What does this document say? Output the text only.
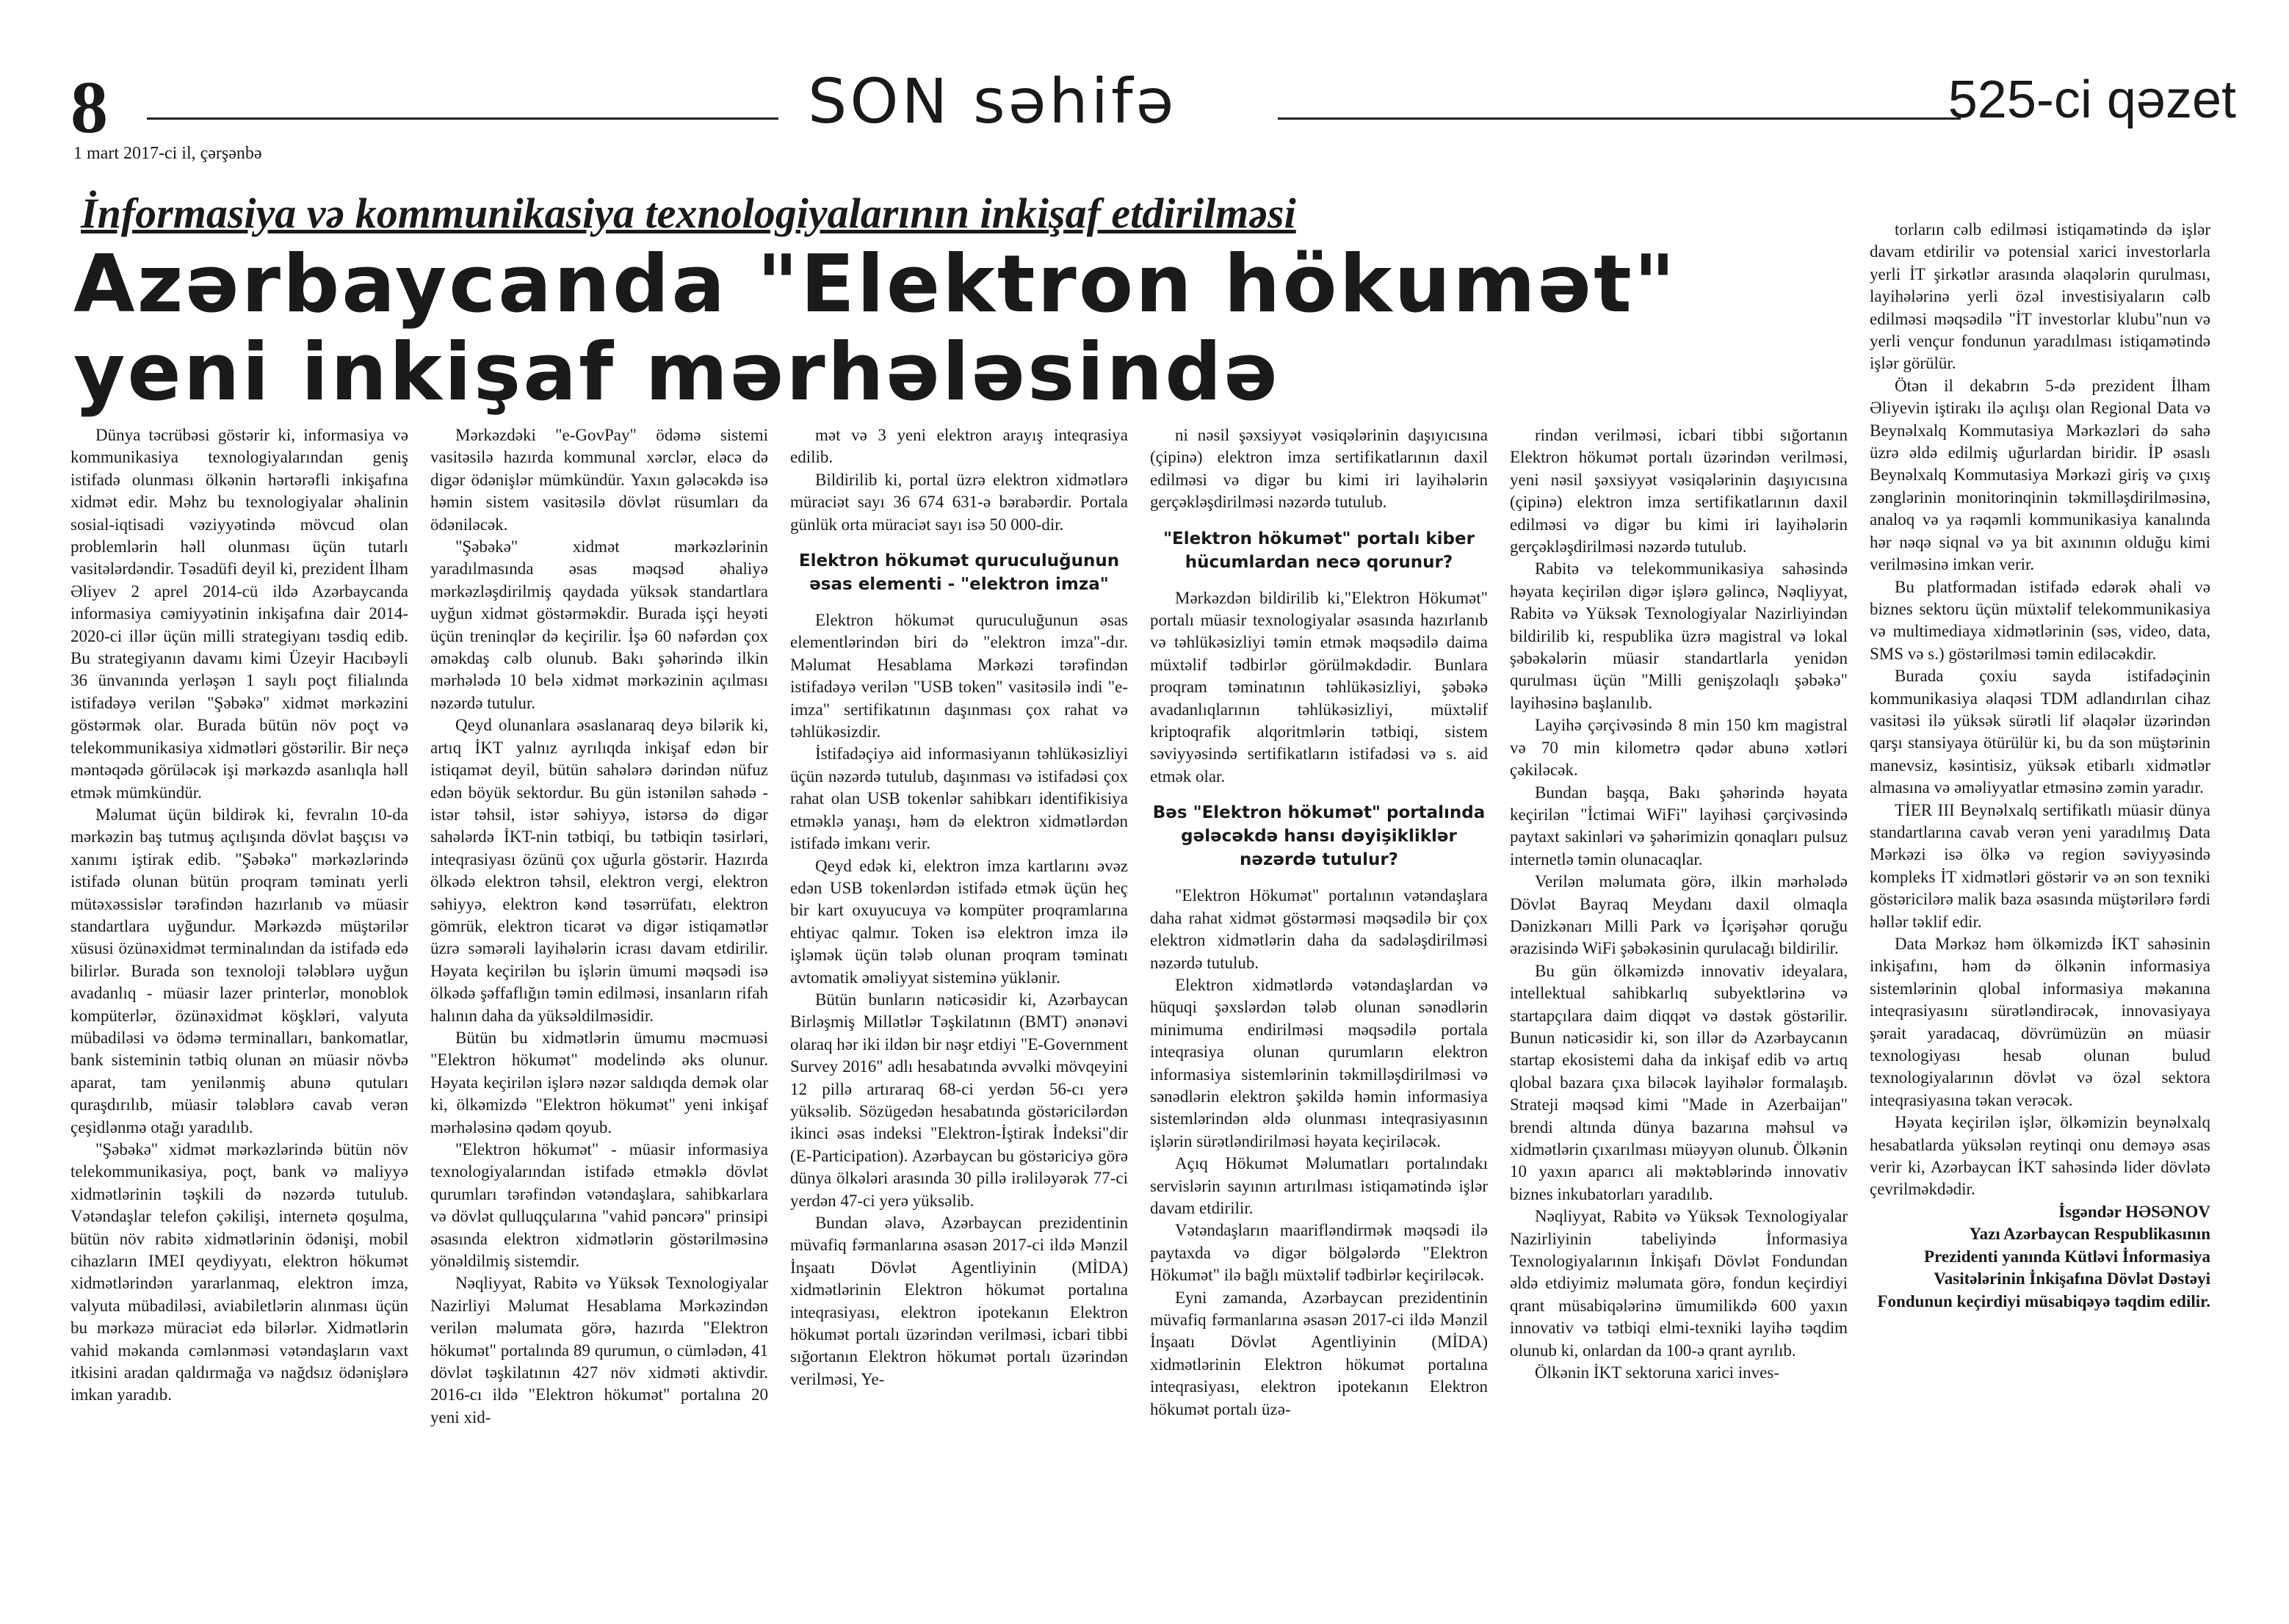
8
1 mart 2017-ci il, çərşənbə
SON səhifə	525-ci qəzet
İnformasiya və kommunikasiya texnologiyalarının inkişaf etdirilməsi
Azərbaycanda "Elektron hökumət"
yeni inkişaf mərhələsində

Dünya təcrübəsi göstərir ki, informasiya və kommunikasiya texnologiyalarından geniş istifadə olunması ölkənin hərtərəfli inkişafına xidmət edir. Məhz bu texnologiyalar əhalinin sosial-iqtisadi vəziyyətində mövcud olan problemlərin həll olunması üçün tutarlı vasitələrdəndir. Təsadüfi deyil ki, prezident İlham Əliyev 2 aprel 2014-cü ildə Azərbaycanda informasiya cəmiyyətinin inkişafına dair 2014-2020-ci illər üçün milli strategiyanı təsdiq edib. Bu strategiyanın davamı kimi Üzeyir Hacıbəyli 36 ünvanında yerləşən 1 saylı poçt filialında istifadəyə verilən "Şəbəkə" xidmət mərkəzini göstərmək olar. Burada bütün növ poçt və telekommunikasiya xidmətləri göstərilir. Bir neçə məntəqədə görüləcək işi mərkəzdə asanlıqla həll etmək mümkündür.

Məlumat üçün bildirək ki, fevralın 10-da mərkəzin baş tutmuş açılışında dövlət başçısı və xanımı iştirak edib. "Şəbəkə" mərkəzlərində istifadə olunan bütün proqram təminatı yerli mütəxəssislər tərəfindən hazırlanıb və müasir standartlara uyğundur. Mərkəzdə müştərilər xüsusi özünəxidmət terminalından da istifadə edə bilirlər. Burada son texnoloji tələblərə uyğun avadanlıq - müasir lazer printerlər, monoblok kompüterlər, özünəxidmət köşkləri, valyuta mübadiləsi və ödəmə terminalları, bankomatlar, bank sisteminin tətbiq olunan ən müasir növbə aparat, tam yenilənmiş abunə qutuları quraşdırılıb, müasir tələblərə cavab verən çeşidlənmə otağı yaradılıb.

"Şəbəkə" xidmət mərkəzlərində bütün növ telekommunikasiya, poçt, bank və maliyyə xidmətlərinin təşkili də nəzərdə tutulub. Vətəndaşlar telefon çəkilişi, internetə qoşulma, bütün növ rabitə xidmətlərinin ödənişi, mobil cihazların IMEI qeydiyyatı, elektron hökumət xidmətlərindən yararlanmaq, elektron imza, valyuta mübadiləsi, aviabiletlərin alınması üçün bu mərkəzə müraciət edə bilərlər. Xidmətlərin vahid məkanda cəmlənməsi vətəndaşların vaxt itkisini aradan qaldırmağa və nağdsız ödənişlərə imkan yaradıb.

Mərkəzdəki "e-GovPay" ödəmə sistemi vasitəsilə hazırda kommunal xərclər, eləcə də digər ödənişlər mümkündür. Yaxın gələcəkdə isə həmin sistem vasitəsilə dövlət rüsumları da ödəniləcək.

"Şəbəkə" xidmət mərkəzlərinin yaradılmasında əsas məqsəd əhaliyə mərkəzləşdirilmiş qaydada yüksək standartlara uyğun xidmət göstərməkdir. Burada işçi heyəti üçün treninqlər də keçirilir. İşə 60 nəfərdən çox əməkdaş cəlb olunub. Bakı şəhərində ilkin mərhələdə 10 belə xidmət mərkəzinin açılması nəzərdə tutulur.

Qeyd olunanlara əsaslanaraq deyə bilərik ki, artıq İKT yalnız ayrılıqda inkişaf edən bir istiqamət deyil, bütün sahələrə dərindən nüfuz edən böyük sektordur. Bu gün istənilən sahədə - istər təhsil, istər səhiyyə, istərsə də digər sahələrdə İKT-nin tətbiqi, bu tətbiqin təsirləri, inteqrasiyası özünü çox uğurla göstərir. Hazırda ölkədə elektron təhsil, elektron vergi, elektron səhiyyə, elektron kənd təsərrüfatı, elektron gömrük, elektron ticarət və digər istiqamətlər üzrə səmərəli layihələrin icrası davam etdirilir. Həyata keçirilən bu işlərin ümumi məqsədi isə ölkədə şəffaflığın təmin edilməsi, insanların rifah halının daha da yüksəldilməsidir.

Bütün bu xidmətlərin ümumu məcmuəsi "Elektron hökumət" modelində əks olunur. Həyata keçirilən işlərə nəzər saldıqda demək olar ki, ölkəmizdə "Elektron hökumət" yeni inkişaf mərhələsinə qədəm qoyub.

"Elektron hökumət" - müasir informasiya texnologiyalarından istifadə etməklə dövlət qurumları tərəfindən vətəndaşlara, sahibkarlara və dövlət qulluqçularına "vahid pəncərə" prinsipi əsasında elektron xidmətlərin göstərilməsinə yönəldilmiş sistemdir.

Nəqliyyat, Rabitə və Yüksək Texnologiyalar Nazirliyi Məlumat Hesablama Mərkəzindən verilən məlumata görə, hazırda "Elektron hökumət" portalında 89 qurumun, o cümlədən, 41 dövlət təşkilatının 427 növ xidməti aktivdir. 2016-cı ildə "Elektron hökumət" portalına 20 yeni xid-

mət və 3 yeni elektron arayış inteqrasiya edilib.

Bildirilib ki, portal üzrə elektron xidmətlərə müraciət sayı 36 674 631-ə bərabərdir. Portala günlük orta müraciət sayı isə 50 000-dir.

Elektron hökumət quruculuğunun əsas elementi - "elektron imza"

Elektron hökumət quruculuğunun əsas elementlərindən biri də "elektron imza"-dır. Məlumat Hesablama Mərkəzi tərəfindən istifadəyə verilən "USB token" vasitəsilə indi "e-imza" sertifikatının daşınması çox rahat və təhlükəsizdir.

İstifadəçiyə aid informasiyanın təhlükəsizliyi üçün nəzərdə tutulub, daşınması və istifadəsi çox rahat olan USB tokenlər sahibkarı identifikisiya etməklə yanaşı, həm də elektron xidmətlərdən istifadə imkanı verir.

Qeyd edək ki, elektron imza kartlarını əvəz edən USB tokenlərdən istifadə etmək üçün heç bir kart oxuyucuya və kompüter proqramlarına ehtiyac qalmır. Token isə elektron imza ilə işləmək üçün tələb olunan proqram təminatı avtomatik əməliyyat sisteminə yüklənir.

Bütün bunların nəticəsidir ki, Azərbaycan Birləşmiş Millətlər Təşkilatının (BMT) ənənəvi olaraq hər iki ildən bir nəşr etdiyi "E-Government Survey 2016" adlı hesabatında əvvəlki mövqeyini 12 pillə artıraraq 68-ci yerdən 56-cı yerə yüksəlib. Sözügedən hesabatında göstəricilərdən ikinci əsas indeksi "Elektron-İştirak İndeksi"dir (E-Participation). Azərbaycan bu göstəriciyə görə dünya ölkələri arasında 30 pillə irəliləyərək 77-ci yerdən 47-ci yerə yüksəlib.

Bundan əlavə, Azərbaycan prezidentinin müvafiq fərmanlarına əsasən 2017-ci ildə Mənzil İnşaatı Dövlət Agentliyinin (MİDA) xidmətlərinin Elektron hökumət portalına inteqrasiyası, elektron ipotekanın Elektron hökumət portalı üzərindən verilməsi, icbari tibbi sığortanın Elektron hökumət portalı üzərindən verilməsi, Ye-

ni nəsil şəxsiyyət vəsiqələrinin daşıyıcısına (çipinə) elektron imza sertifikatlarının daxil edilməsi və digər bu kimi iri layihələrin gerçəkləşdirilməsi nəzərdə tutulub.

"Elektron hökumət" portalı kiber hücumlardan necə qorunur?

Mərkəzdən bildirilib ki,"Elektron Hökumət" portalı müasir texnologiyalar əsasında hazırlanıb və təhlükəsizliyi təmin etmək məqsədilə daima müxtəlif tədbirlər görülməkdədir. Bunlara proqram təminatının təhlükəsizliyi, şəbəkə avadanlıqlarının təhlükəsizliyi, müxtəlif kriptoqrafik alqoritmlərin tətbiqi, sistem səviyyəsində sertifikatların istifadəsi və s. aid etmək olar.

Bəs "Elektron hökumət" portalında gələcəkdə hansı dəyişikliklər nəzərdə tutulur?

"Elektron Hökumət" portalının vətəndaşlara daha rahat xidmət göstərməsi məqsədilə bir çox elektron xidmətlərin daha da sadələşdirilməsi nəzərdə tutulub.

Elektron xidmətlərdə vətəndaşlardan və hüquqi şəxslərdən tələb olunan sənədlərin minimuma endirilməsi məqsədilə portala inteqrasiya olunan qurumların elektron informasiya sistemlərinin təkmilləşdirilməsi və sənədlərin elektron şəkildə həmin informasiya sistemlərindən əldə olunması inteqrasiyasının işlərin sürətləndirilməsi həyata keçiriləcək.

Açıq Hökumət Məlumatları portalındakı servislərin sayının artırılması istiqamətində işlər davam etdirilir.

Vətəndaşların maarifləndirmək məqsədi ilə paytaxda və digər bölgələrdə "Elektron Hökumət" ilə bağlı müxtəlif tədbirlər keçiriləcək.

Eyni zamanda, Azərbaycan prezidentinin müvafiq fərmanlarına əsasən 2017-ci ildə Mənzil İnşaatı Dövlət Agentliyinin (MİDA) xidmətlərinin Elektron hökumət portalına inteqrasiyası, elektron ipotekanın Elektron hökumət portalı üzə-

rindən verilməsi, icbari tibbi sığortanın Elektron hökumət portalı üzərindən verilməsi, yeni nəsil şəxsiyyət vəsiqələrinin daşıyıcısına (çipinə) elektron imza sertifikatlarının daxil edilməsi və digər bu kimi iri layihələrin gerçəkləşdirilməsi nəzərdə tutulub.

Rabitə və telekommunikasiya sahəsində həyata keçirilən digər işlərə gəlincə, Nəqliyyat, Rabitə və Yüksək Texnologiyalar Nazirliyindən bildirilib ki, respublika üzrə magistral və lokal şəbəkələrin müasir standartlarla yenidən qurulması üçün "Milli genişzolaqlı şəbəkə" layihəsinə başlanılıb.

Layihə çərçivəsində 8 min 150 km magistral və 70 min kilometrə qədər abunə xətləri çəkiləcək.

Bundan başqa, Bakı şəhərində həyata keçirilən "İctimai WiFi" layihəsi çərçivəsində paytaxt sakinləri və şəhərimizin qonaqları pulsuz internetlə təmin olunacaqlar.

Verilən məlumata görə, ilkin mərhələdə Dövlət Bayraq Meydanı daxil olmaqla Dənizkənarı Milli Park və İçərişəhər qoruğu ərazisində WiFi şəbəkəsinin qurulacağı bildirilir.

Bu gün ölkəmizdə innovativ ideyalara, intellektual sahibkarlıq subyektlərinə və startapçılara daim diqqət və dəstək göstərilir. Bunun nəticəsidir ki, son illər də Azərbaycanın startap ekosistemi daha da inkişaf edib və artıq qlobal bazara çıxa biləcək layihələr formalaşıb. Strateji məqsəd kimi "Made in Azerbaijan" brendi altında dünya bazarına məhsul və xidmətlərin çıxarılması müəyyən olunub. Ölkənin 10 yaxın aparıcı ali məktəblərində innovativ biznes inkubatorları yaradılıb.

Nəqliyyat, Rabitə və Yüksək Texnologiyalar Nazirliyinin tabeliyində İnformasiya Texnologiyalarının İnkişafı Dövlət Fondundan əldə etdiyimiz məlumata görə, fondun keçirdiyi qrant müsabiqələrinə ümumilikdə 600 yaxın innovativ və tətbiqi elmi-texniki layihə təqdim olunub ki, onlardan da 100-ə qrant ayrılıb.

Ölkənin İKT sektoruna xarici inves-

torların cəlb edilməsi istiqamətində də işlər davam etdirilir və potensial xarici investorlarla yerli İT şirkətlər arasında əlaqələrin qurulması, layihələrinə yerli özəl investisiyaların cəlb edilməsi məqsədilə "İT investorlar klubu"nun və yerli vençur fondunun yaradılması istiqamətində işlər görülür.

Ötən il dekabrın 5-də prezident İlham Əliyevin iştirakı ilə açılışı olan Regional Data və Beynəlxalq Kommutasiya Mərkəzləri də sahə üzrə əldə edilmiş uğurlardan biridir. İP əsaslı Beynəlxalq Kommutasiya Mərkəzi giriş və çıxış zənglərinin monitorinqinin təkmilləşdirilməsinə, analoq və ya rəqəmli kommunikasiya kanalında hər nəqə siqnal və ya bit axınının olduğu kimi verilməsinə imkan verir.

Bu platformadan istifadə edərək əhali və biznes sektoru üçün müxtəlif telekommunikasiya və multimediaya xidmətlərinin (səs, video, data, SMS və s.) göstərilməsi təmin ediləcəkdir.

Burada çoxiu sayda istifadəçinin kommunikasiya əlaqəsi TDM adlandırılan cihaz vasitəsi ilə yüksək sürətli lif əlaqələr üzərindən qarşı stansiyaya ötürülür ki, bu da son müştərinin manevsiz, kəsintisiz, yüksək etibarlı xidmətlər almasına və əməliyyatlar etməsinə zəmin yaradır.

TİER III Beynəlxalq sertifikatlı müasir dünya standartlarına cavab verən yeni yaradılmış Data Mərkəzi isə ölkə və region səviyyəsində kompleks İT xidmətləri göstərir və ən son texniki göstəricilərə malik baza əsasında müştərilərə fərdi həllər təklif edir.

Data Mərkəz həm ölkəmizdə İKT sahəsinin inkişafını, həm də ölkənin informasiya sistemlərinin qlobal informasiya məkanına inteqrasiyasını sürətləndirəcək, innovasiyaya şərait yaradacaq, dövrümüzün ən müasir texnologiyası hesab olunan bulud texnologiyalarının dövlət və özəl sektora inteqrasiyasına təkan verəcək.

Həyata keçirilən işlər, ölkəmizin beynəlxalq hesabatlarda yüksələn reytinqi onu deməyə əsas verir ki, Azərbaycan İKT sahəsində lider dövlətə çevrilməkdədir.

İsgəndər HƏSƏNOV

Yazı Azərbaycan Respublikasının Prezidenti yanında Kütləvi İnformasiya Vasitələrinin İnkişafına Dövlət Dəstəyi Fondunun keçirdiyi müsabiqəyə təqdim edilir.
